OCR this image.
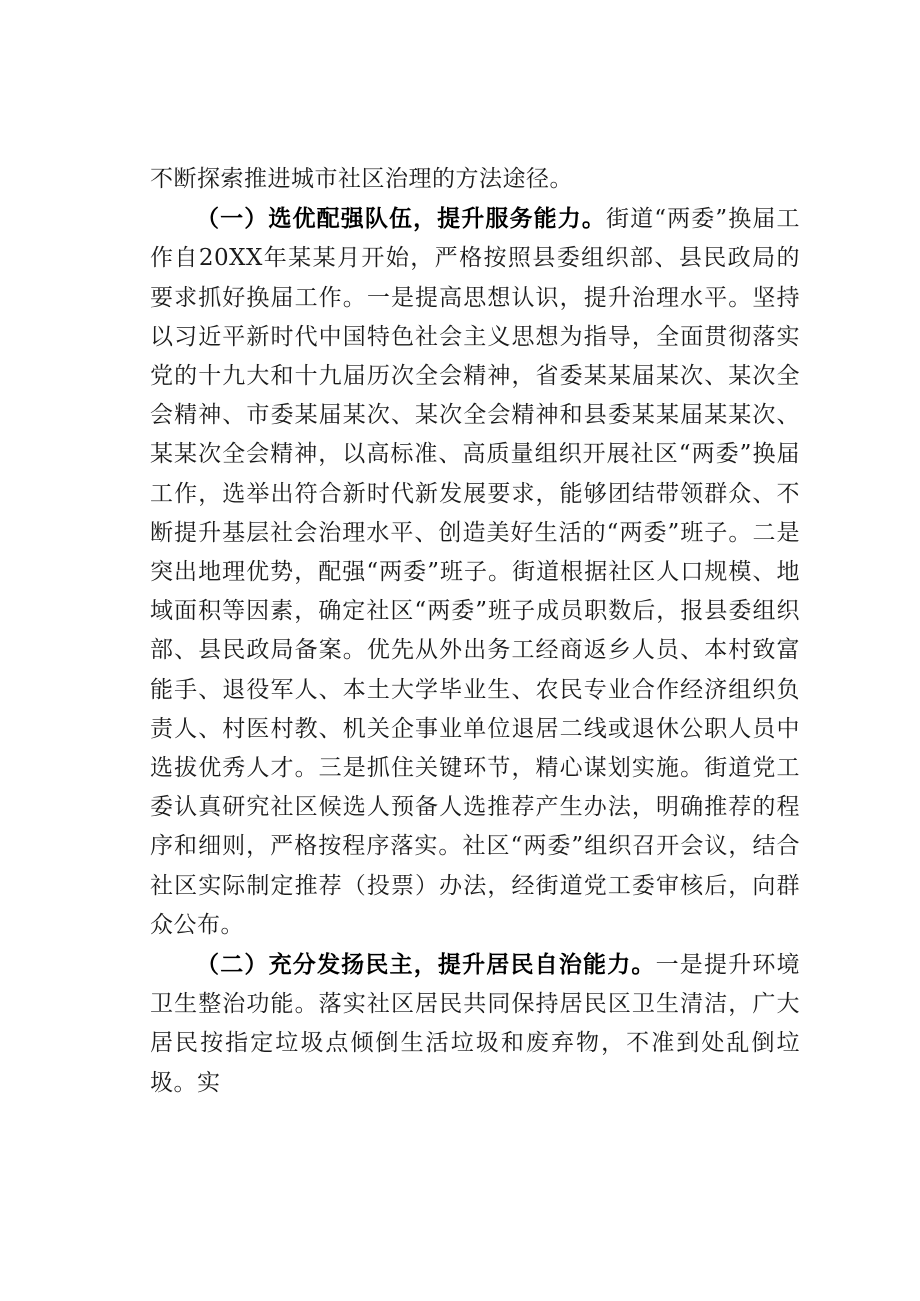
不断探索推进城市社区治理的方法途径。

（一）选优配强队伍，提升服务能力。街道“两委”换届工作自20XX年某某月开始，严格按照县委组织部、县民政局的要求抓好换届工作。一是提高思想认识，提升治理水平。坚持以习近平新时代中国特色社会主义思想为指导，全面贯彻落实党的十九大和十九届历次全会精神，省委某某届某次、某次全会精神、市委某届某次、某次全会精神和县委某某届某某次、某某次全会精神，以高标准、高质量组织开展社区“两委”换届工作，选举出符合新时代新发展要求，能够团结带领群众、不断提升基层社会治理水平、创造美好生活的“两委”班子。二是突出地理优势，配强“两委”班子。街道根据社区人口规模、地域面积等因素，确定社区“两委”班子成员职数后，报县委组织部、县民政局备案。优先从外出务工经商返乡人员、本村致富能手、退役军人、本土大学毕业生、农民专业合作经济组织负责人、村医村教、机关企事业单位退居二线或退休公职人员中选拔优秀人才。三是抓住关键环节，精心谋划实施。街道党工委认真研究社区候选人预备人选推荐产生办法，明确推荐的程序和细则，严格按程序落实。社区“两委”组织召开会议，结合社区实际制定推荐（投票）办法，经街道党工委审核后，向群众公布。

（二）充分发扬民主，提升居民自治能力。一是提升环境卫生整治功能。落实社区居民共同保持居民区卫生清洁，广大居民按指定垃圾点倾倒生活垃圾和废弃物，不准到处乱倒垃圾。实
